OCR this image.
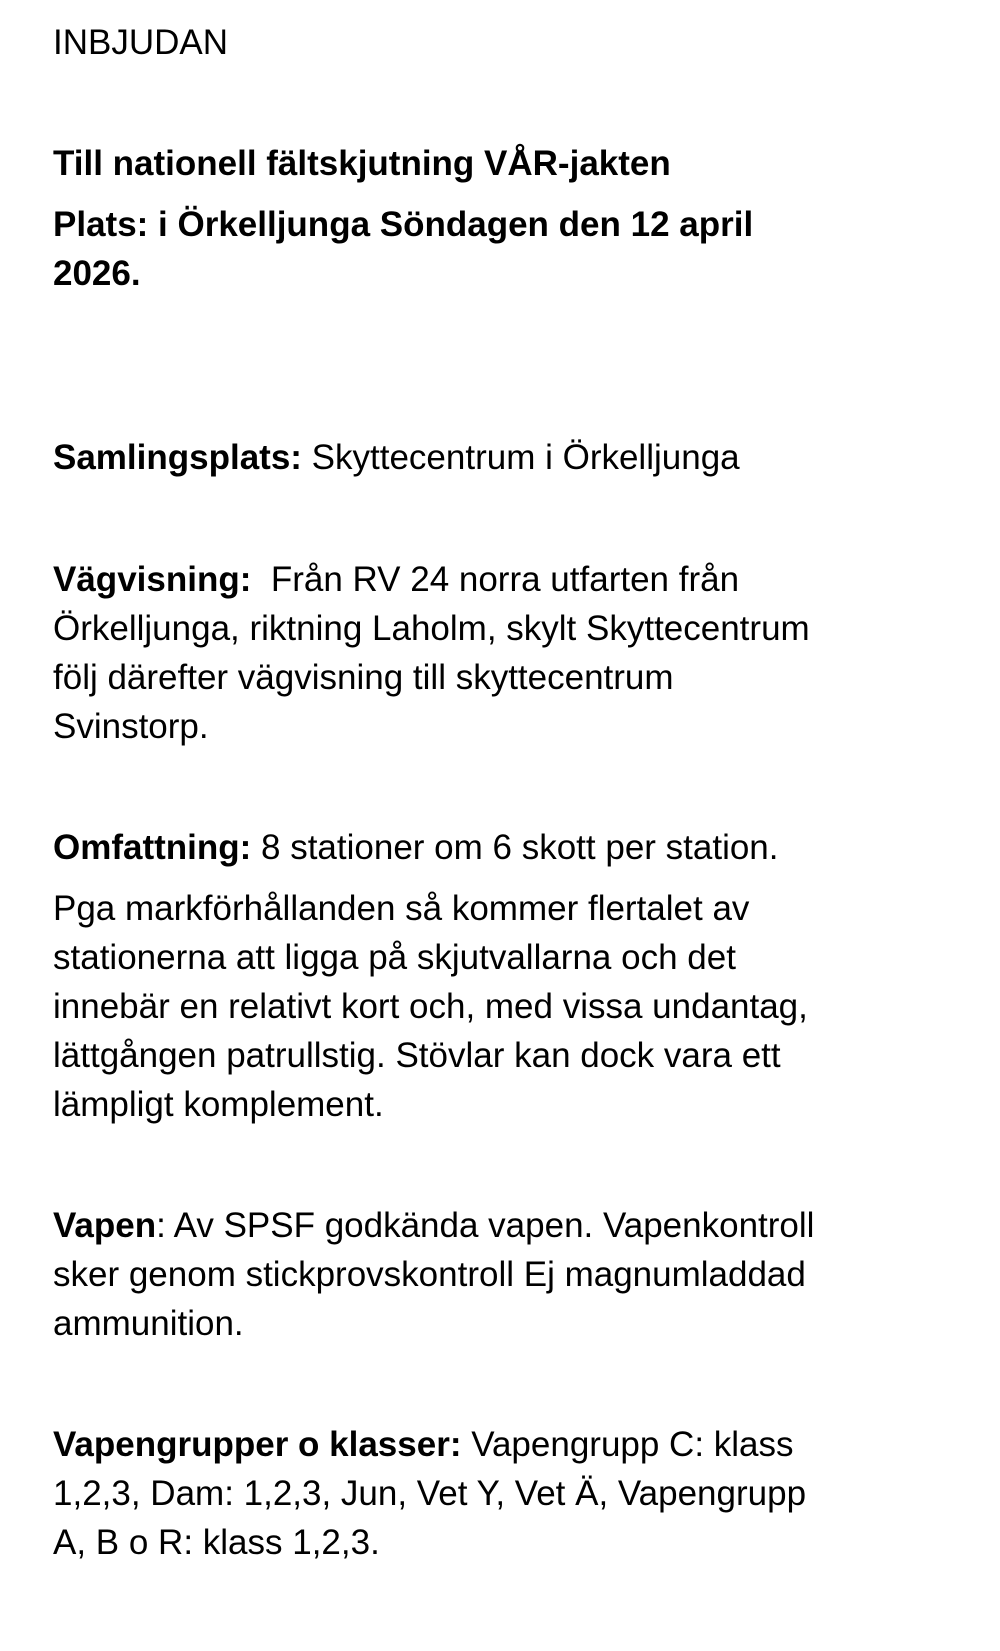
INBJUDAN
Till nationell fältskjutning VÅR-jakten
Plats: i Örkelljunga Söndagen den 12 april
2026.
Samlingsplats: Skyttecentrum i Örkelljunga
Vägvisning:  Från RV 24 norra utfarten från
Örkelljunga, riktning Laholm, skylt Skyttecentrum
följ därefter vägvisning till skyttecentrum
Svinstorp.
Omfattning: 8 stationer om 6 skott per station.
Pga markförhållanden så kommer flertalet av
stationerna att ligga på skjutvallarna och det
innebär en relativt kort och, med vissa undantag,
lättgången patrullstig. Stövlar kan dock vara ett
lämpligt komplement.
Vapen: Av SPSF godkända vapen. Vapenkontroll
sker genom stickprovskontroll Ej magnumladdad
ammunition.
Vapengrupper o klasser: Vapengrupp C: klass
1,2,3, Dam: 1,2,3, Jun, Vet Y, Vet Ä, Vapengrupp
A, B o R: klass 1,2,3.
